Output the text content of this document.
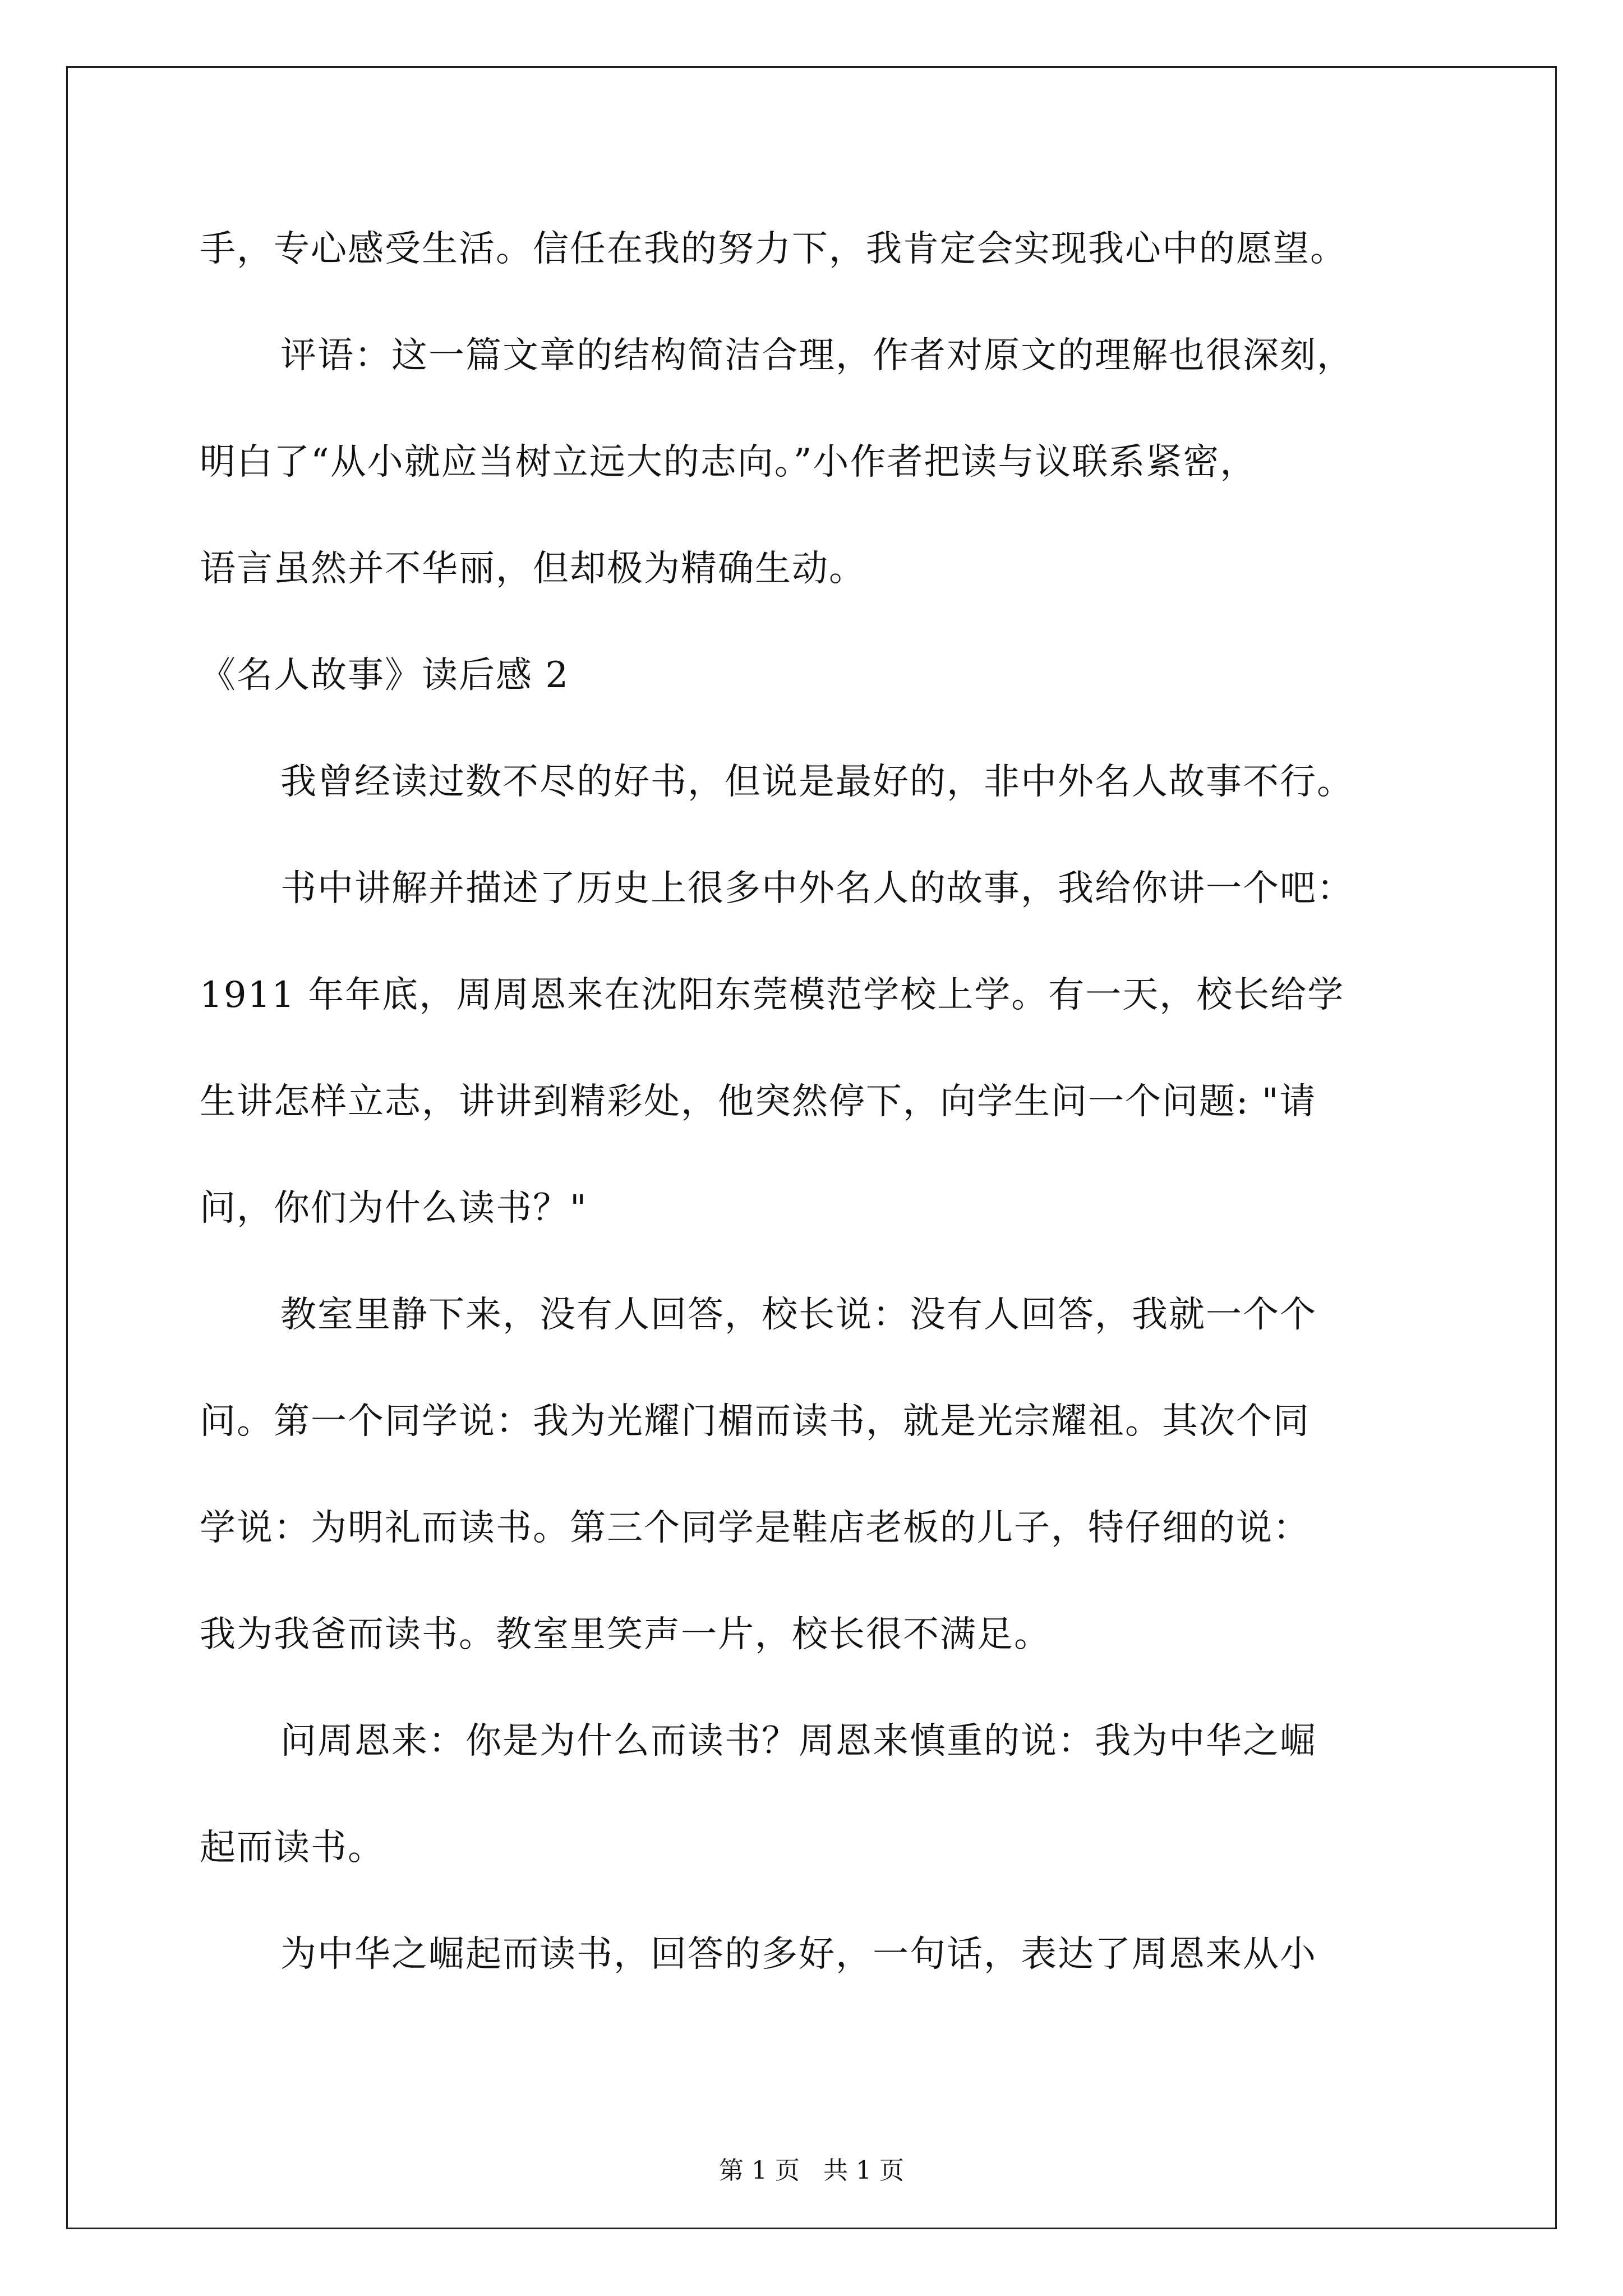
手，专心感受生活。信任在我的努力下，我肯定会实现我心中的愿望。
评语：这一篇文章的结构简洁合理，作者对原文的理解也很深刻，
明白了“从小就应当树立远大的志向。”小作者把读与议联系紧密，
语言虽然并不华丽，但却极为精确生动。
《名人故事》读后感 2
我曾经读过数不尽的好书，但说是最好的，非中外名人故事不行。
书中讲解并描述了历史上很多中外名人的故事，我给你讲一个吧：
1911 年年底，周周恩来在沈阳东莞模范学校上学。有一天，校长给学
生讲怎样立志，讲讲到精彩处，他突然停下，向学生问一个问题: "请
问，你们为什么读书？"
教室里静下来，没有人回答，校长说：没有人回答，我就一个个
问。第一个同学说：我为光耀门楣而读书，就是光宗耀祖。其次个同
学说：为明礼而读书。第三个同学是鞋店老板的儿子，特仔细的说：
我为我爸而读书。教室里笑声一片，校长很不满足。
问周恩来：你是为什么而读书？周恩来慎重的说：我为中华之崛
起而读书。
为中华之崛起而读书，回答的多好，一句话，表达了周恩来从小
第 1 页   共 1 页
